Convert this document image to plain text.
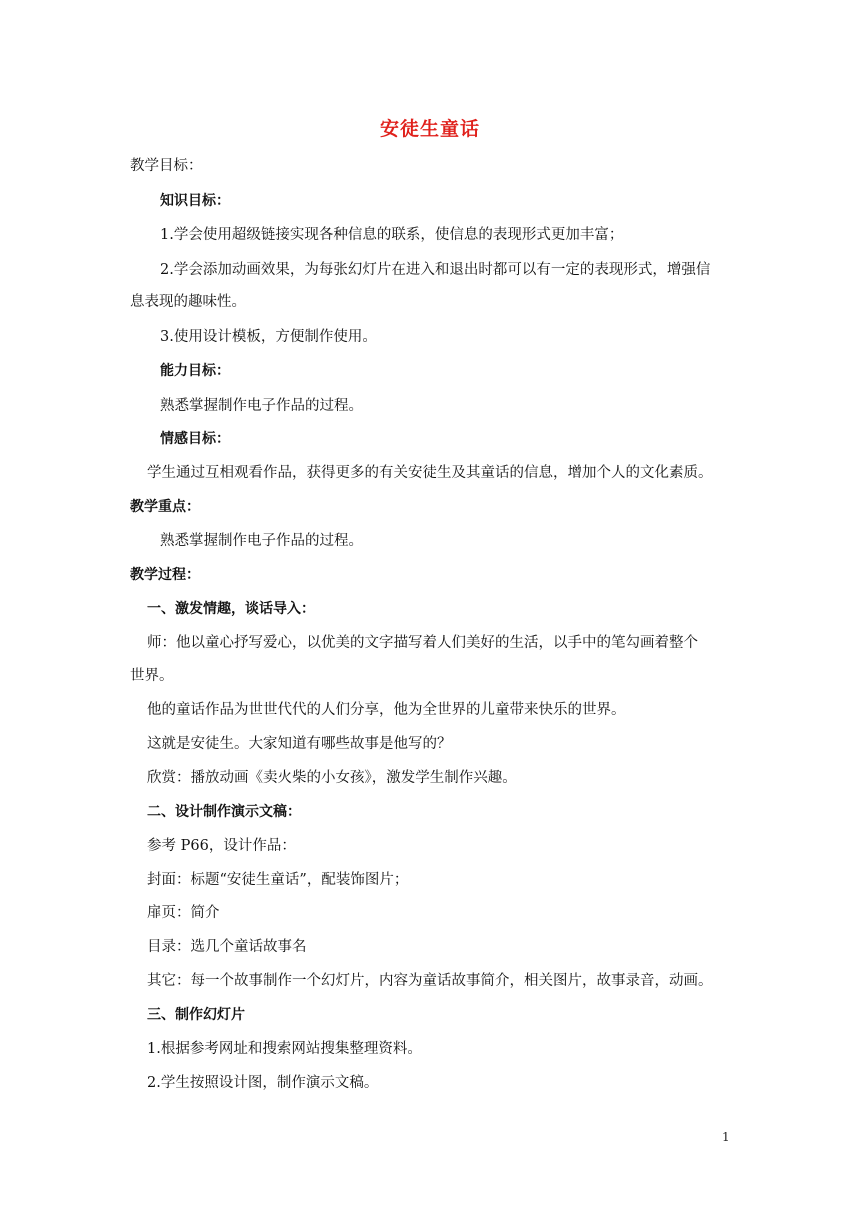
安徒生童话
教学目标：
知识目标：
1.学会使用超级链接实现各种信息的联系，使信息的表现形式更加丰富；
2.学会添加动画效果，为每张幻灯片在进入和退出时都可以有一定的表现形式，增强信
息表现的趣味性。
3.使用设计模板，方便制作使用。
能力目标：
熟悉掌握制作电子作品的过程。
情感目标：
学生通过互相观看作品，获得更多的有关安徒生及其童话的信息，增加个人的文化素质。
教学重点：
熟悉掌握制作电子作品的过程。
教学过程：
一、激发情趣，谈话导入：
师：他以童心抒写爱心，以优美的文字描写着人们美好的生活，以手中的笔勾画着整个
世界。
他的童话作品为世世代代的人们分享，他为全世界的儿童带来快乐的世界。
这就是安徒生。大家知道有哪些故事是他写的？
欣赏：播放动画《卖火柴的小女孩》，激发学生制作兴趣。
二、设计制作演示文稿：
参考 P66，设计作品：
封面：标题“安徒生童话”，配装饰图片；
扉页：简介
目录：选几个童话故事名
其它：每一个故事制作一个幻灯片，内容为童话故事简介，相关图片，故事录音，动画。
三、制作幻灯片
1.根据参考网址和搜索网站搜集整理资料。
2.学生按照设计图，制作演示文稿。
1
